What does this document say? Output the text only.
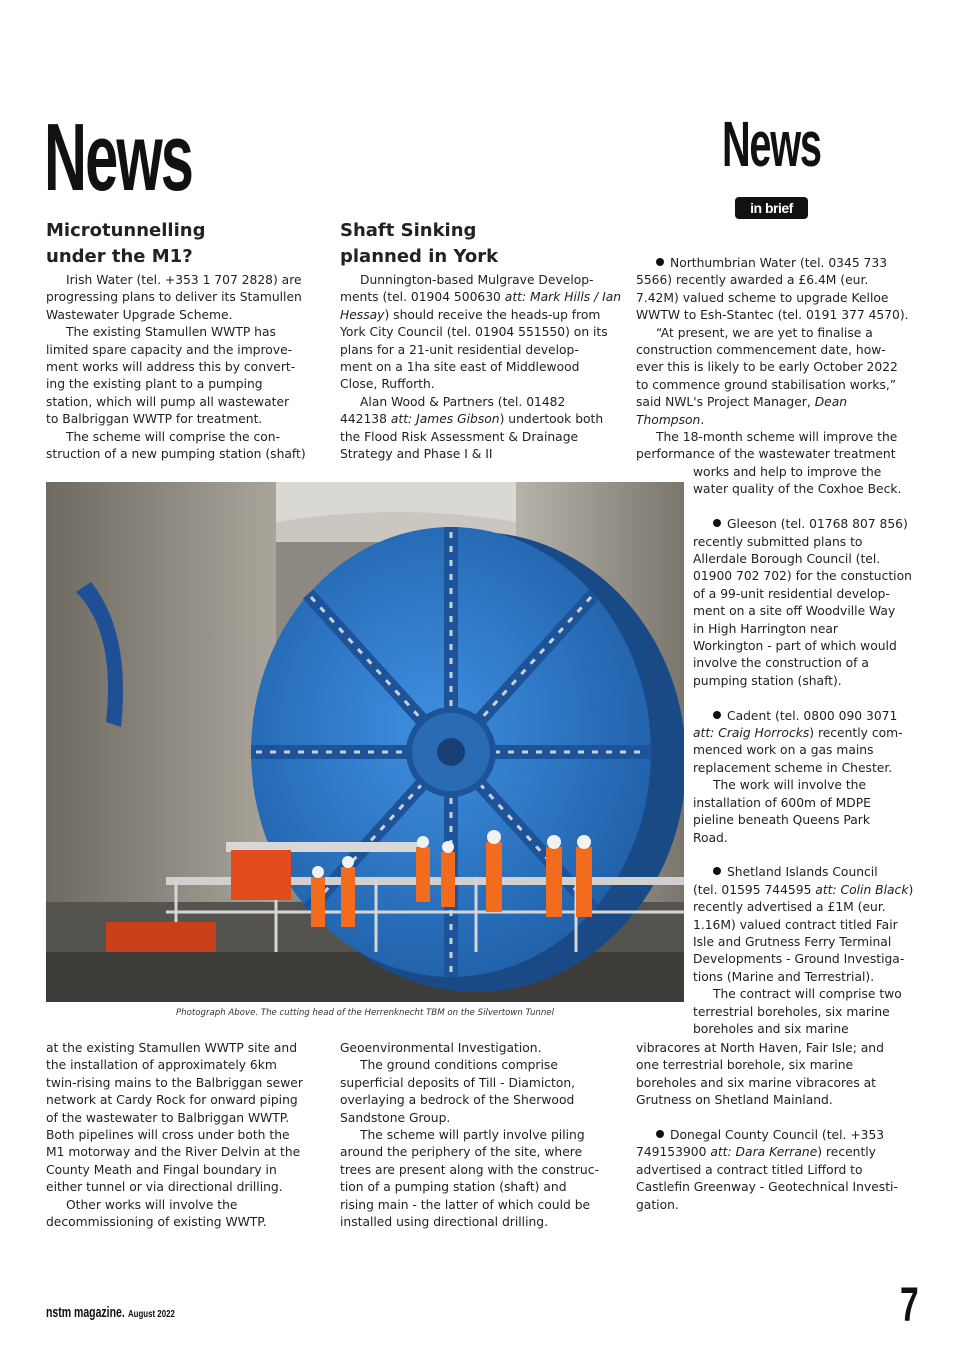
News	News
in brief
Microtunnelling
under the M1?

Irish Water (tel. +353 1 707 2828) are

progressing plans to deliver its Stamullen

Wastewater Upgrade Scheme.

The existing Stamullen WWTP has

limited spare capacity and the improve-

ment works will address this by convert-

ing the existing plant to a pumping

station, which will pump all wastewater

to Balbriggan WWTP for treatment.

The scheme will comprise the con-

struction of a new pumping station (shaft)

Shaft Sinking
planned in York

Dunnington-based Mulgrave Develop-

ments (tel. 01904 500630 att: Mark Hills / Ian

Hessay) should receive the heads-up from

York City Council (tel. 01904 551550) on its

plans for a 21-unit residential develop-

ment on a 1ha site east of Middlewood

Close, Rufforth.

Alan Wood & Partners (tel. 01482

442138 att: James Gibson) undertook both

the Flood Risk Assessment & Drainage

Strategy and Phase I & II

Northumbrian Water (tel. 0345 733

5566) recently awarded a £6.4M (eur.

7.42M) valued scheme to upgrade Kelloe

WWTW to Esh-Stantec (tel. 0191 377 4570).

“At present, we are yet to finalise a

construction commencement date, how-

ever this is likely to be early October 2022

to commence ground stabilisation works,”

said NWL's Project Manager, Dean

Thompson.

The 18-month scheme will improve the

performance of the wastewater treatment

works and help to improve the

water quality of the Coxhoe Beck.

Gleeson (tel. 01768 807 856)

recently submitted plans to

Allerdale Borough Council (tel.

01900 702 702) for the constuction

of a 99-unit residential develop-

ment on a site off Woodville Way

in High Harrington near

Workington - part of which would

involve the construction of a

pumping station (shaft).

Cadent (tel. 0800 090 3071

att: Craig Horrocks) recently com-

menced work on a gas mains

replacement scheme in Chester.

The work will involve the

installation of 600m of MDPE

pieline beneath Queens Park

Road.

Shetland Islands Council

(tel. 01595 744595 att: Colin Black)

recently advertised a £1M (eur.

1.16M) valued contract titled Fair

Isle and Grutness Ferry Terminal

Developments - Ground Investiga-

tions (Marine and Terrestrial).

The contract will comprise two

terrestrial boreholes, six marine

boreholes and six marine

Photograph Above. The cutting head of the Herrenknecht TBM on the Silvertown Tunnel

at the existing Stamullen WWTP site and

the installation of approximately 6km

twin-rising mains to the Balbriggan sewer

network at Cardy Rock for onward piping

of the wastewater to Balbriggan WWTP.

Both pipelines will cross under both the

M1 motorway and the River Delvin at the

County Meath and Fingal boundary in

either tunnel or via directional drilling.

Other works will involve the

decommissioning of existing WWTP.

Geoenvironmental Investigation.

The ground conditions comprise

superficial deposits of Till - Diamicton,

overlaying a bedrock of the Sherwood

Sandstone Group.

The scheme will partly involve piling

around the periphery of the site, where

trees are present along with the construc-

tion of a pumping station (shaft) and

rising main - the latter of which could be

installed using directional drilling.

vibracores at North Haven, Fair Isle; and

one terrestrial borehole, six marine

boreholes and six marine vibracores at

Grutness on Shetland Mainland.

Donegal County Council (tel. +353

749153900 att: Dara Kerrane) recently

advertised a contract titled Lifford to

Castlefin Greenway - Geotechnical Investi-

gation.

nstm magazine. August 2022	7
